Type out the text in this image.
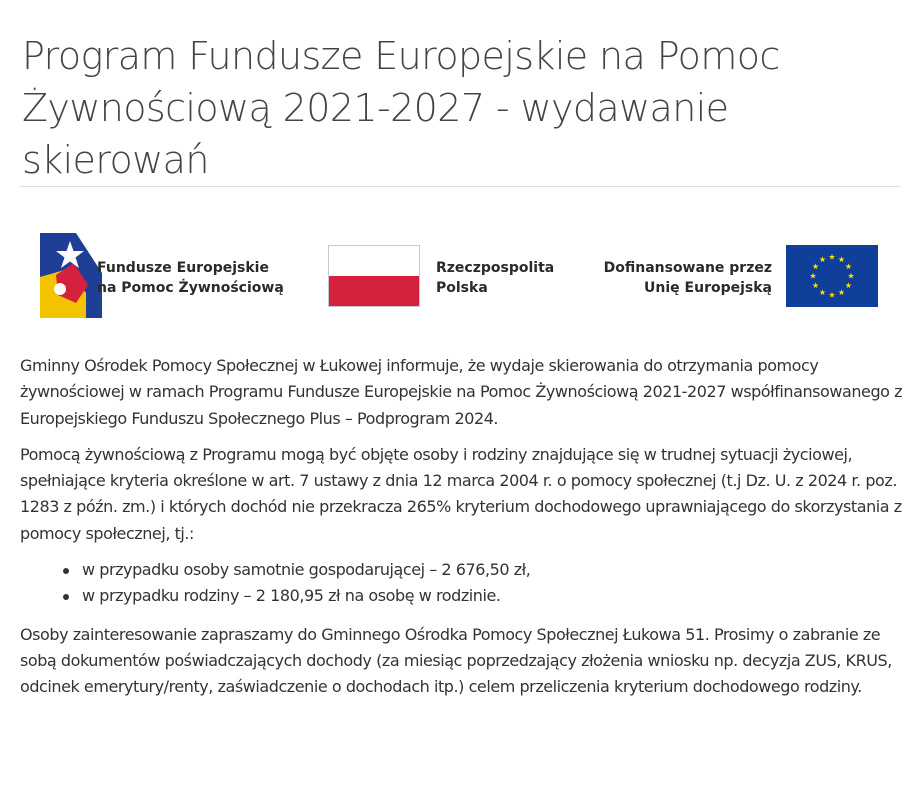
Program Fundusze Europejskie na Pomoc Żywnościową 2021-2027 - wydawanie skierowań
Fundusze Europejskie
na Pomoc Żywnościową
Rzeczpospolita
Polska
Dofinansowane przez
Unię Europejską

Gminny Ośrodek Pomocy Społecznej w Łukowej informuje, że wydaje skierowania do otrzymania pomocy żywnościowej w ramach Programu Fundusze Europejskie na Pomoc Żywnościową 2021-2027 współfinansowanego z Europejskiego Funduszu Społecznego Plus – Podprogram 2024.

Pomocą żywnościową z Programu mogą być objęte osoby i rodziny znajdujące się w trudnej sytuacji życiowej, spełniające kryteria określone w art. 7 ustawy z dnia 12 marca 2004 r. o pomocy społecznej (t.j Dz. U. z 2024 r. poz. 1283 z późn. zm.) i których dochód nie przekracza 265% kryterium dochodowego uprawniającego do skorzystania z pomocy społecznej, tj.:

w przypadku osoby samotnie gospodarującej – 2 676,50 zł,
w przypadku rodziny – 2 180,95 zł na osobę w rodzinie.

Osoby zainteresowanie zapraszamy do Gminnego Ośrodka Pomocy Społecznej Łukowa 51. Prosimy o zabranie ze sobą dokumentów poświadczających dochody (za miesiąc poprzedzający złożenia wniosku np. decyzja ZUS, KRUS, odcinek emerytury/renty, zaświadczenie o dochodach itp.) celem przeliczenia kryterium dochodowego rodziny.
